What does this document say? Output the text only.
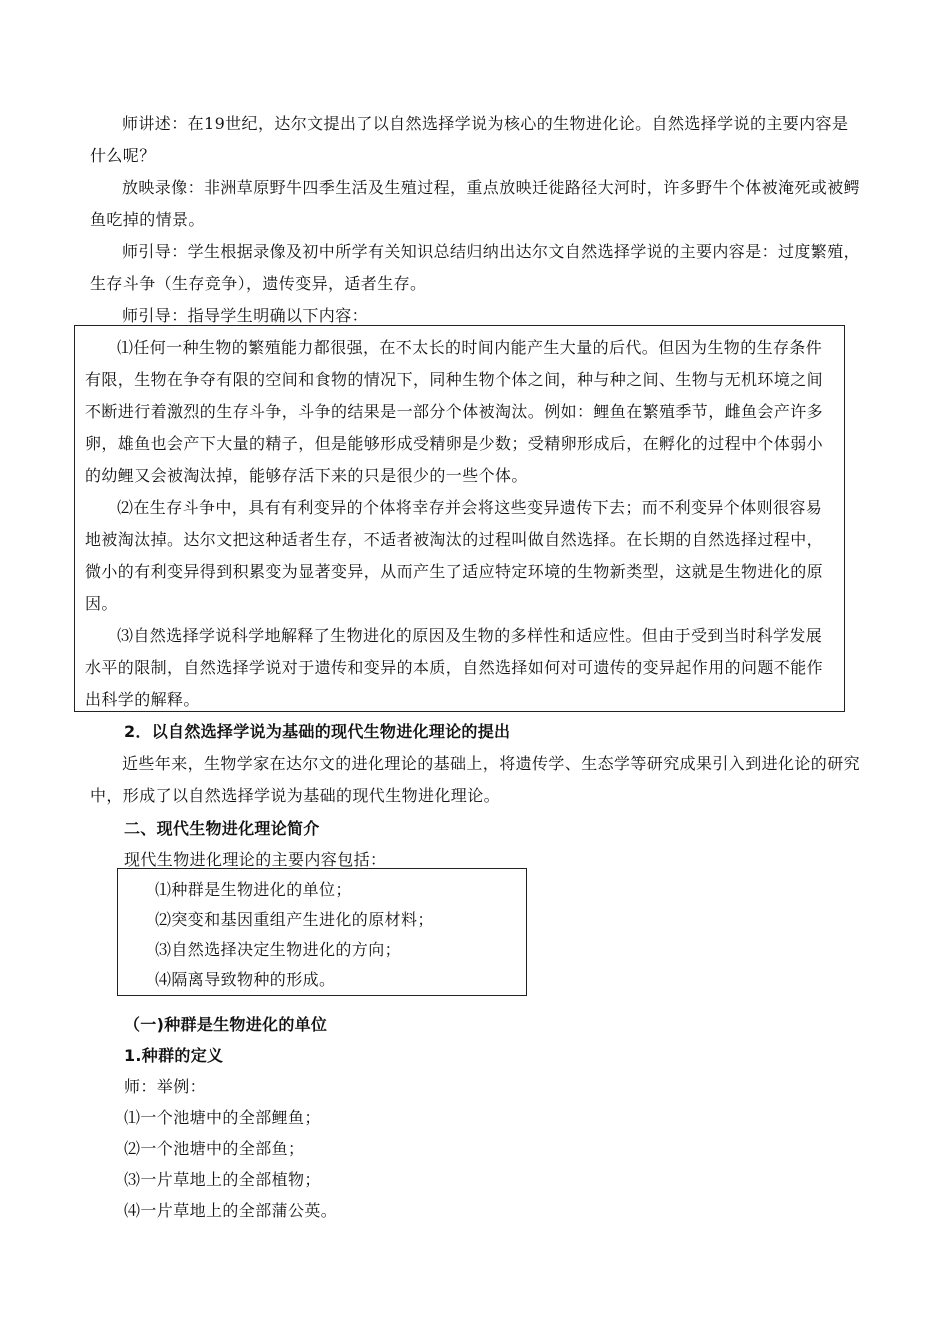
师讲述：在19世纪，达尔文提出了以自然选择学说为核心的生物进化论。自然选择学说的主要内容是什么呢？

放映录像：非洲草原野牛四季生活及生殖过程，重点放映迁徙路径大河时，许多野牛个体被淹死或被鳄鱼吃掉的情景。

师引导：学生根据录像及初中所学有关知识总结归纳出达尔文自然选择学说的主要内容是：过度繁殖，生存斗争（生存竞争），遗传变异，适者生存。

师引导：指导学生明确以下内容：

⑴任何一种生物的繁殖能力都很强，在不太长的时间内能产生大量的后代。但因为生物的生存条件有限，生物在争夺有限的空间和食物的情况下，同种生物个体之间，种与种之间、生物与无机环境之间不断进行着激烈的生存斗争，斗争的结果是一部分个体被淘汰。例如：鲤鱼在繁殖季节，雌鱼会产许多卵，雄鱼也会产下大量的精子，但是能够形成受精卵是少数；受精卵形成后，在孵化的过程中个体弱小的幼鲤又会被淘汰掉，能够存活下来的只是很少的一些个体。

⑵在生存斗争中，具有有利变异的个体将幸存并会将这些变异遗传下去；而不利变异个体则很容易地被淘汰掉。达尔文把这种适者生存，不适者被淘汰的过程叫做自然选择。在长期的自然选择过程中，微小的有利变异得到积累变为显著变异，从而产生了适应特定环境的生物新类型，这就是生物进化的原因。

⑶自然选择学说科学地解释了生物进化的原因及生物的多样性和适应性。但由于受到当时科学发展水平的限制，自然选择学说对于遗传和变异的本质，自然选择如何对可遗传的变异起作用的问题不能作出科学的解释。

2．以自然选择学说为基础的现代生物进化理论的提出

近些年来，生物学家在达尔文的进化理论的基础上，将遗传学、生态学等研究成果引入到进化论的研究中，形成了以自然选择学说为基础的现代生物进化理论。

二、现代生物进化理论简介

现代生物进化理论的主要内容包括：

⑴种群是生物进化的单位；

⑵突变和基因重组产生进化的原材料；

⑶自然选择决定生物进化的方向；

⑷隔离导致物种的形成。

（一)种群是生物进化的单位

1.种群的定义

师：举例：

⑴一个池塘中的全部鲤鱼；

⑵一个池塘中的全部鱼；

⑶一片草地上的全部植物；

⑷一片草地上的全部蒲公英。
